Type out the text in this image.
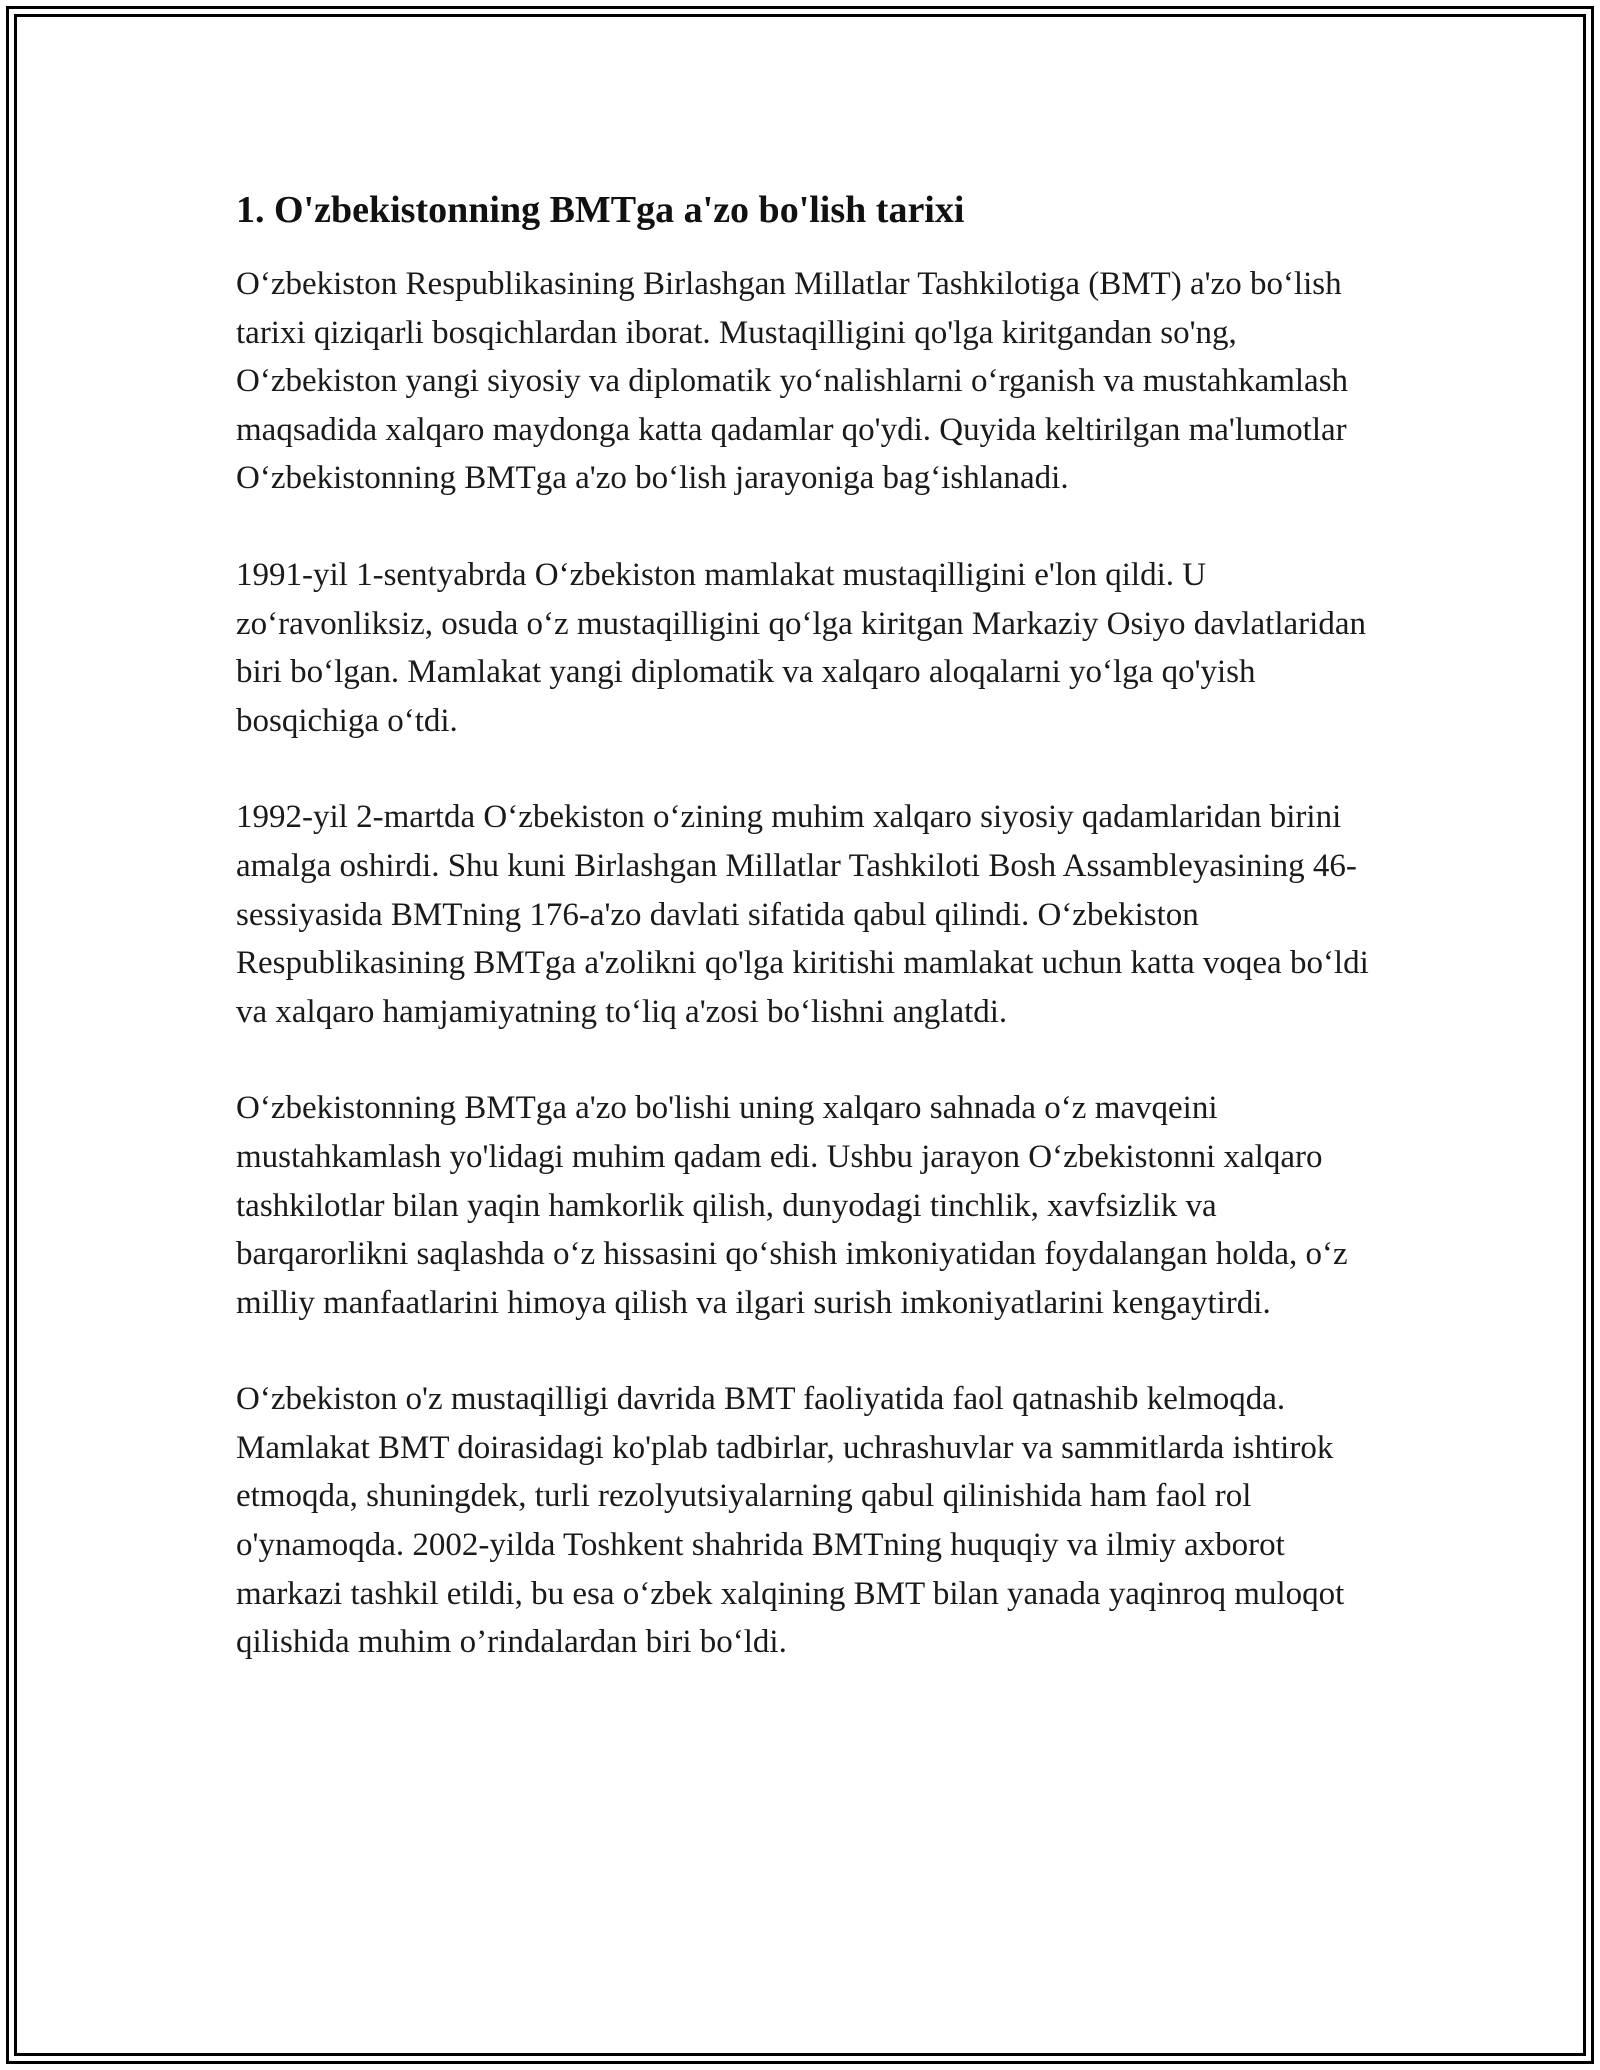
1. O'zbekistonning BMTga a'zo bo'lish tarixi

O‘zbekiston Respublikasining Birlashgan Millatlar Tashkilotiga (BMT) a'zo bo‘lish tarixi qiziqarli bosqichlardan iborat. Mustaqilligini qo'lga kiritgandan so'ng, O‘zbekiston yangi siyosiy va diplomatik yo‘nalishlarni o‘rganish va mustahkamlash maqsadida xalqaro maydonga katta qadamlar qo'ydi. Quyida keltirilgan ma'lumotlar O‘zbekistonning BMTga a'zo bo‘lish jarayoniga bag‘ishlanadi.

1991-yil 1-sentyabrda O‘zbekiston mamlakat mustaqilligini e'lon qildi. U zo‘ravonliksiz, osuda o‘z mustaqilligini qo‘lga kiritgan Markaziy Osiyo davlatlaridan biri bo‘lgan. Mamlakat yangi diplomatik va xalqaro aloqalarni yo‘lga qo'yish bosqichiga o‘tdi.

1992-yil 2-martda O‘zbekiston o‘zining muhim xalqaro siyosiy qadamlaridan birini amalga oshirdi. Shu kuni Birlashgan Millatlar Tashkiloti Bosh Assambleyasining 46-sessiyasida BMTning 176-a'zo davlati sifatida qabul qilindi. O‘zbekiston Respublikasining BMTga a'zolikni qo'lga kiritishi mamlakat uchun katta voqea bo‘ldi va xalqaro hamjamiyatning to‘liq a'zosi bo‘lishni anglatdi.

O‘zbekistonning BMTga a'zo bo'lishi uning xalqaro sahnada o‘z mavqeini mustahkamlash yo'lidagi muhim qadam edi. Ushbu jarayon O‘zbekistonni xalqaro tashkilotlar bilan yaqin hamkorlik qilish, dunyodagi tinchlik, xavfsizlik va barqarorlikni saqlashda o‘z hissasini qo‘shish imkoniyatidan foydalangan holda, o‘z milliy manfaatlarini himoya qilish va ilgari surish imkoniyatlarini kengaytirdi.

O‘zbekiston o'z mustaqilligi davrida BMT faoliyatida faol qatnashib kelmoqda. Mamlakat BMT doirasidagi ko'plab tadbirlar, uchrashuvlar va sammitlarda ishtirok etmoqda, shuningdek, turli rezolyutsiyalarning qabul qilinishida ham faol rol o'ynamoqda. 2002-yilda Toshkent shahrida BMTning huquqiy va ilmiy axborot markazi tashkil etildi, bu esa o‘zbek xalqining BMT bilan yanada yaqinroq muloqot qilishida muhim o’rindalardan biri bo‘ldi.
